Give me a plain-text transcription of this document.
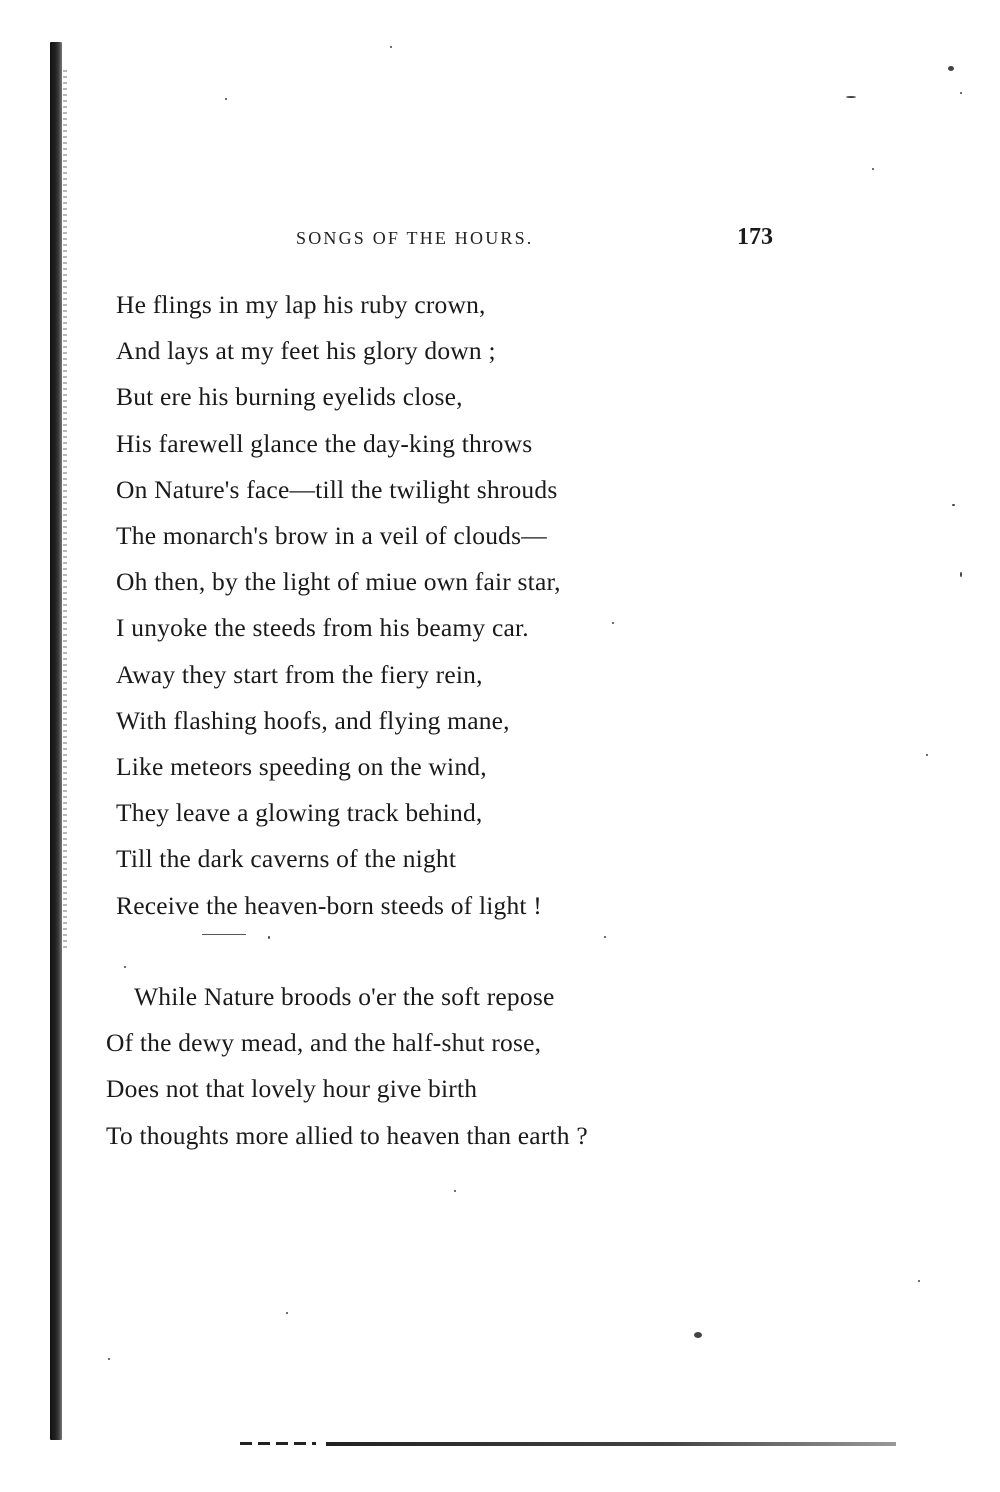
SONGS OF THE HOURS.	173
He flings in my lap his ruby crown,
And lays at my feet his glory down ;
But ere his burning eyelids close,
His farewell glance the day-king throws
On Nature's face—till the twilight shrouds
The monarch's brow in a veil of clouds—
Oh then, by the light of miue own fair star,
I unyoke the steeds from his beamy car.
Away they start from the fiery rein,
With flashing hoofs, and flying mane,
Like meteors speeding on the wind,
They leave a glowing track behind,
Till the dark caverns of the night
Receive the heaven-born steeds of light !
While Nature broods o'er the soft repose
Of the dewy mead, and the half-shut rose,
Does not that lovely hour give birth
To thoughts more allied to heaven than earth ?
